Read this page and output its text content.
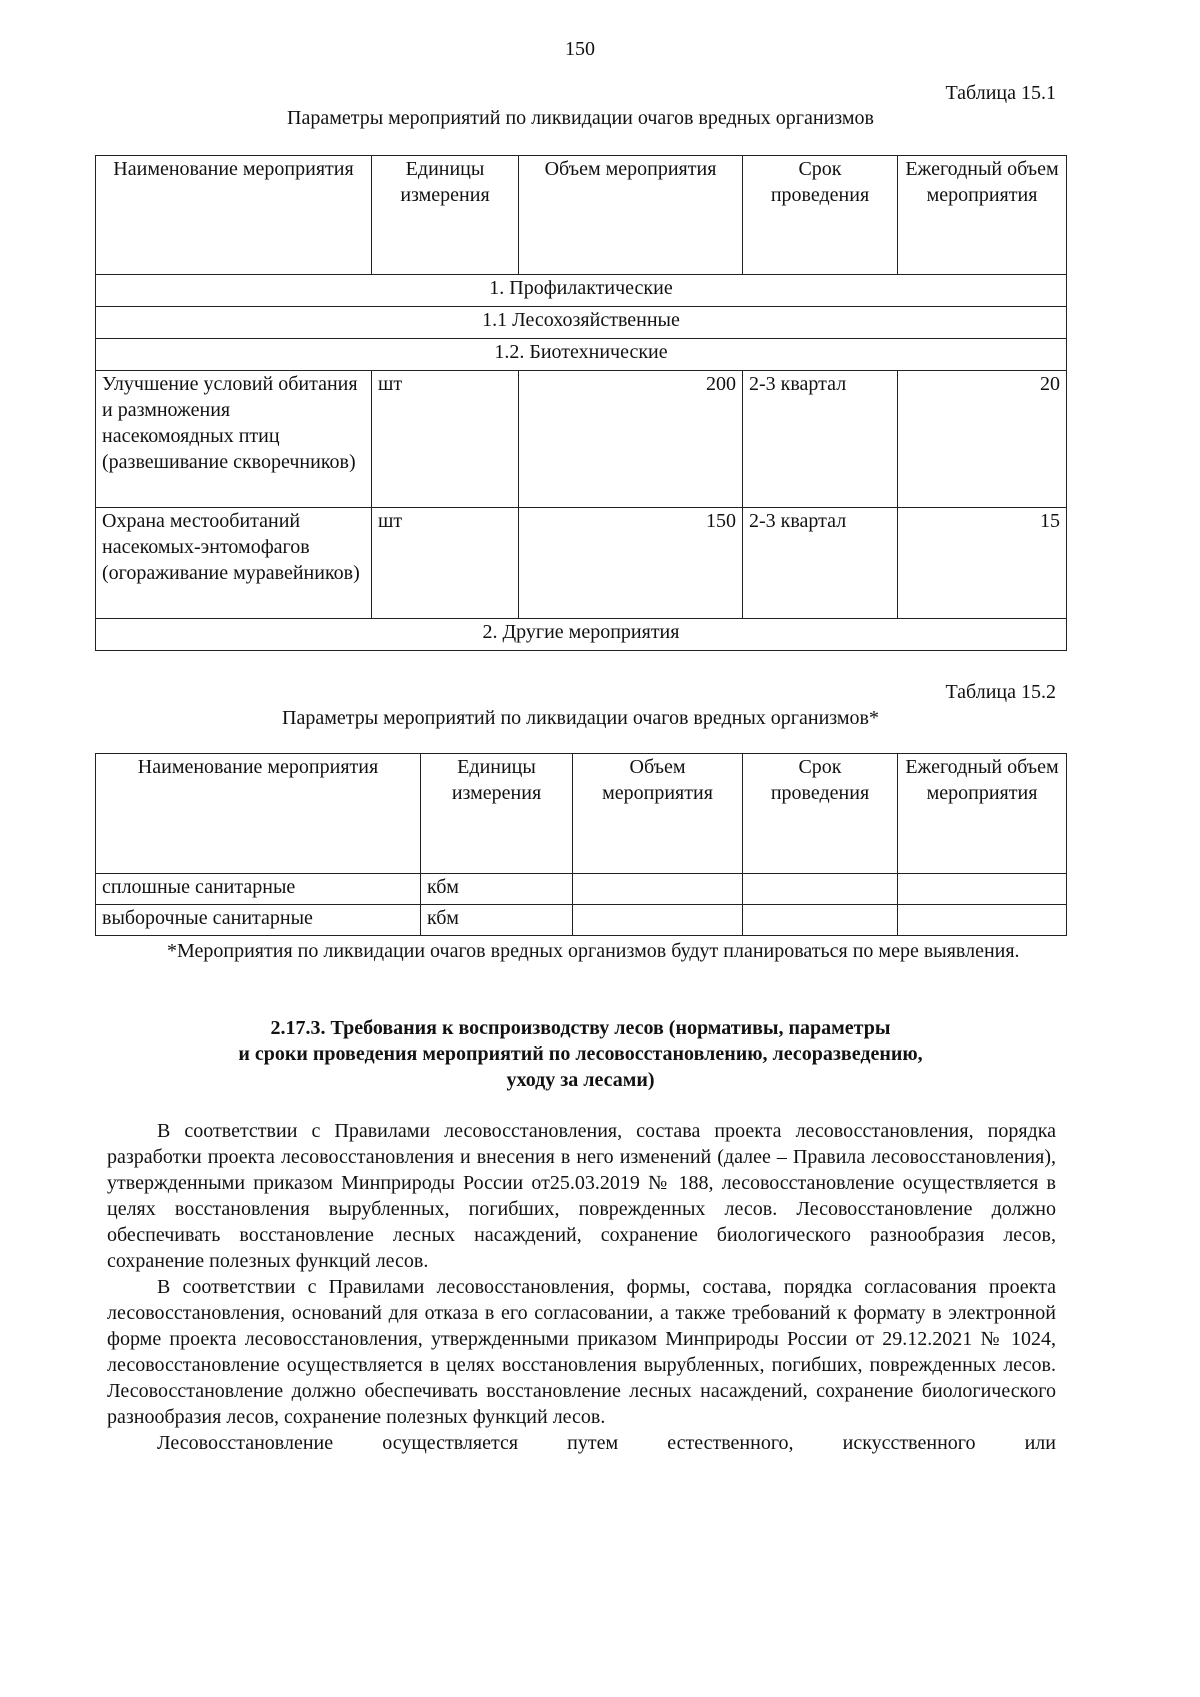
150
Таблица 15.1
Параметры мероприятий по ликвидации очагов вредных организмов
Наименование мероприятия	Единицы измерения	Объем мероприятия	Срок проведения	Ежегодный объем мероприятия
1. Профилактические				
1.1 Лесохозяйственные				
1.2. Биотехнические				
Улучшение условий обитания и размножения насекомоядных птиц (развешивание скворечников)	шт	200	2-3 квартал	20
Охрана местообитаний насекомых-энтомофагов (огораживание муравейников)	шт	150	2-3 квартал	15
2. Другие мероприятия				
Таблица 15.2
Параметры мероприятий по ликвидации очагов вредных организмов*
Наименование мероприятия	Единицы измерения	Объем мероприятия	Срок проведения	Ежегодный объем мероприятия
сплошные санитарные	кбм			
выборочные санитарные	кбм			

*Мероприятия по ликвидации очагов вредных организмов будут планироваться по мере выявления.

2.17.3. Требования к воспроизводству лесов (нормативы, параметры
и сроки проведения мероприятий по лесовосстановлению, лесоразведению,
уходу за лесами)

В соответствии с Правилами лесовосстановления, состава проекта лесовосстановления, порядка разработки проекта лесовосстановления и внесения в него изменений (далее – Правила лесовосстановления), утвержденными приказом Минприроды России от25.03.2019 № 188, лесовосстановление осуществляется в целях восстановления вырубленных, погибших, поврежденных лесов. Лесовосстановление должно обеспечивать восстановление лесных насаждений, сохранение биологического разнообразия лесов, сохранение полезных функций лесов.

В соответствии с Правилами лесовосстановления, формы, состава, порядка согласования проекта лесовосстановления, оснований для отказа в его согласовании, а также требований к формату в электронной форме проекта лесовосстановления, утвержденными приказом Минприроды России от 29.12.2021 № 1024, лесовосстановление осуществляется в целях восстановления вырубленных, погибших, поврежденных лесов. Лесовосстановление должно обеспечивать восстановление лесных насаждений, сохранение биологического разнообразия лесов, сохранение полезных функций лесов.

Лесовосстановление осуществляется путем естественного, искусственного или
